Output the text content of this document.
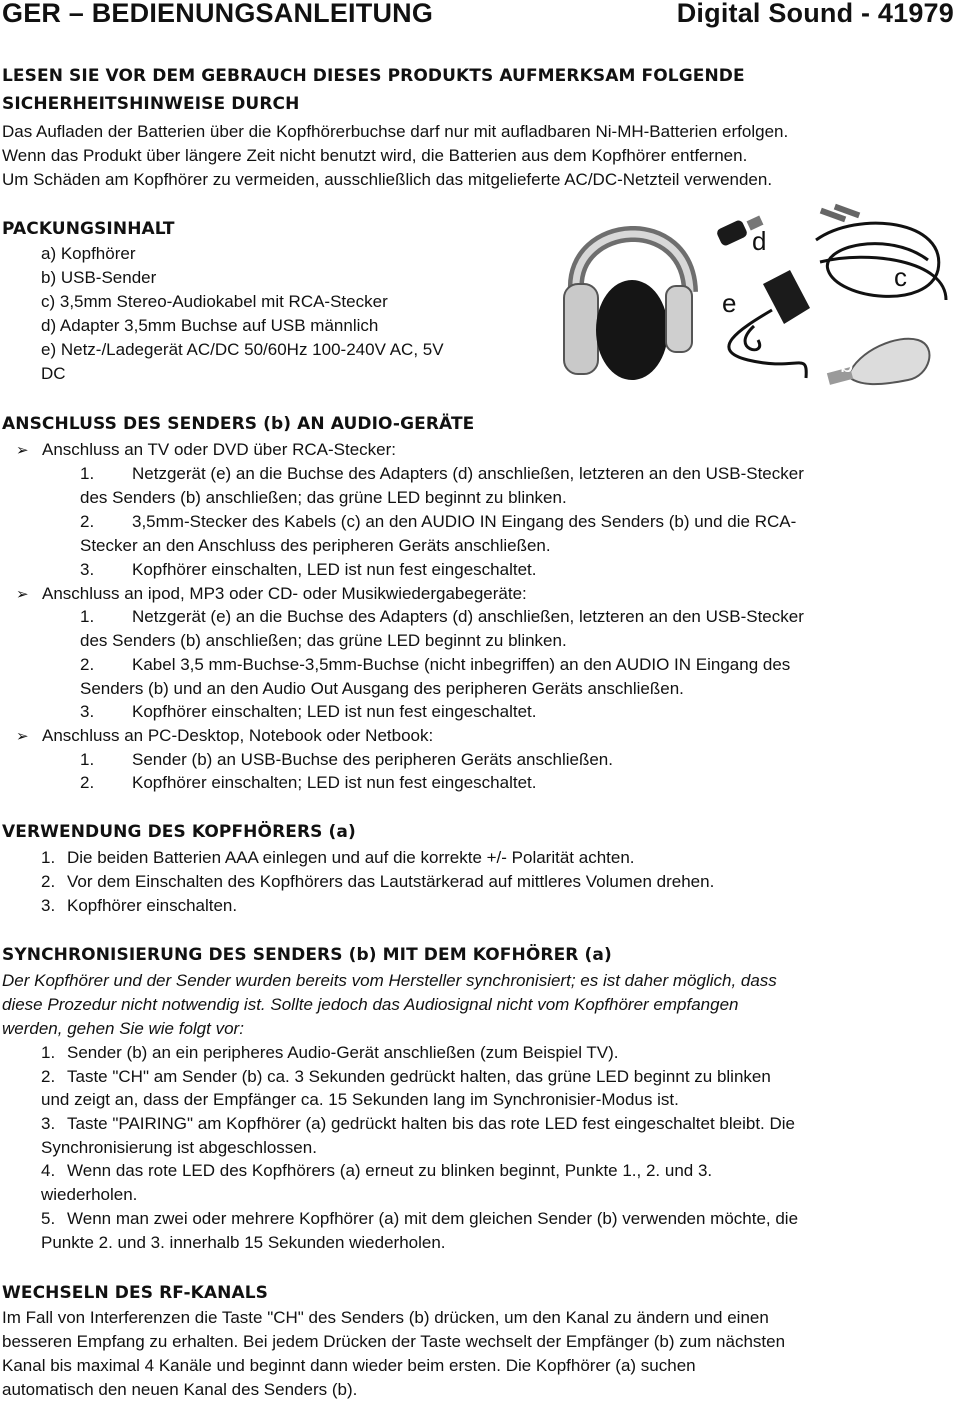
GER – BEDIENUNGSANLEITUNG	Digital Sound - 41979
LESEN SIE VOR DEM GEBRAUCH DIESES PRODUKTS AUFMERKSAM FOLGENDE
SICHERHEITSHINWEISE DURCH
Das Aufladen der Batterien über die Kopfhörerbuchse darf nur mit aufladbaren Ni-MH-Batterien erfolgen.
Wenn das Produkt über längere Zeit nicht benutzt wird, die Batterien aus dem Kopfhörer entfernen.
Um Schäden am Kopfhörer zu vermeiden, ausschließlich das mitgelieferte AC/DC-Netzteil verwenden.
PACKUNGSINHALT
a) Kopfhörer
b) USB-Sender
c) 3,5mm Stereo-Audiokabel mit RCA-Stecker
d) Adapter 3,5mm Buchse auf USB männlich
e) Netz-/Ladegerät AC/DC 50/60Hz 100-240V AC, 5V
DC
a
b
c
d
e
ANSCHLUSS DES SENDERS (b) AN AUDIO-GERÄTE
➢ Anschluss an TV oder DVD über RCA-Stecker:
1. Netzgerät (e) an die Buchse des Adapters (d) anschließen, letzteren an den USB-Stecker
des Senders (b) anschließen; das grüne LED beginnt zu blinken.
2. 3,5mm-Stecker des Kabels (c) an den AUDIO IN Eingang des Senders (b) und die RCA-
Stecker an den Anschluss des peripheren Geräts anschließen.
3. Kopfhörer einschalten, LED ist nun fest eingeschaltet.
➢ Anschluss an ipod, MP3 oder CD- oder Musikwiedergabegeräte:
1. Netzgerät (e) an die Buchse des Adapters (d) anschließen, letzteren an den USB-Stecker
des Senders (b) anschließen; das grüne LED beginnt zu blinken.
2. Kabel 3,5 mm-Buchse-3,5mm-Buchse (nicht inbegriffen) an den AUDIO IN Eingang des
Senders (b) und an den Audio Out Ausgang des peripheren Geräts anschließen.
3. Kopfhörer einschalten; LED ist nun fest eingeschaltet.
➢ Anschluss an PC-Desktop, Notebook oder Netbook:
1. Sender (b) an USB-Buchse des peripheren Geräts anschließen.
2. Kopfhörer einschalten; LED ist nun fest eingeschaltet.
VERWENDUNG DES KOPFHÖRERS (a)
1. Die beiden Batterien AAA einlegen und auf die korrekte +/- Polarität achten.
2. Vor dem Einschalten des Kopfhörers das Lautstärkerad auf mittleres Volumen drehen.
3. Kopfhörer einschalten.
SYNCHRONISIERUNG DES SENDERS (b) MIT DEM KOFHÖRER (a)
Der Kopfhörer und der Sender wurden bereits vom Hersteller synchronisiert; es ist daher möglich, dass
diese Prozedur nicht notwendig ist. Sollte jedoch das Audiosignal nicht vom Kopfhörer empfangen
werden, gehen Sie wie folgt vor:
1. Sender (b) an ein peripheres Audio-Gerät anschließen (zum Beispiel TV).
2. Taste "CH" am Sender (b) ca. 3 Sekunden gedrückt halten, das grüne LED beginnt zu blinken
und zeigt an, dass der Empfänger ca. 15 Sekunden lang im Synchronisier-Modus ist.
3. Taste "PAIRING" am Kopfhörer (a) gedrückt halten bis das rote LED fest eingeschaltet bleibt. Die
Synchronisierung ist abgeschlossen.
4. Wenn das rote LED des Kopfhörers (a) erneut zu blinken beginnt, Punkte 1., 2. und 3.
wiederholen.
5. Wenn man zwei oder mehrere Kopfhörer (a) mit dem gleichen Sender (b) verwenden möchte, die
Punkte 2. und 3. innerhalb 15 Sekunden wiederholen.
WECHSELN DES RF-KANALS
Im Fall von Interferenzen die Taste "CH" des Senders (b) drücken, um den Kanal zu ändern und einen
besseren Empfang zu erhalten. Bei jedem Drücken der Taste wechselt der Empfänger (b) zum nächsten
Kanal bis maximal 4 Kanäle und beginnt dann wieder beim ersten. Die Kopfhörer (a) suchen
automatisch den neuen Kanal des Senders (b).
